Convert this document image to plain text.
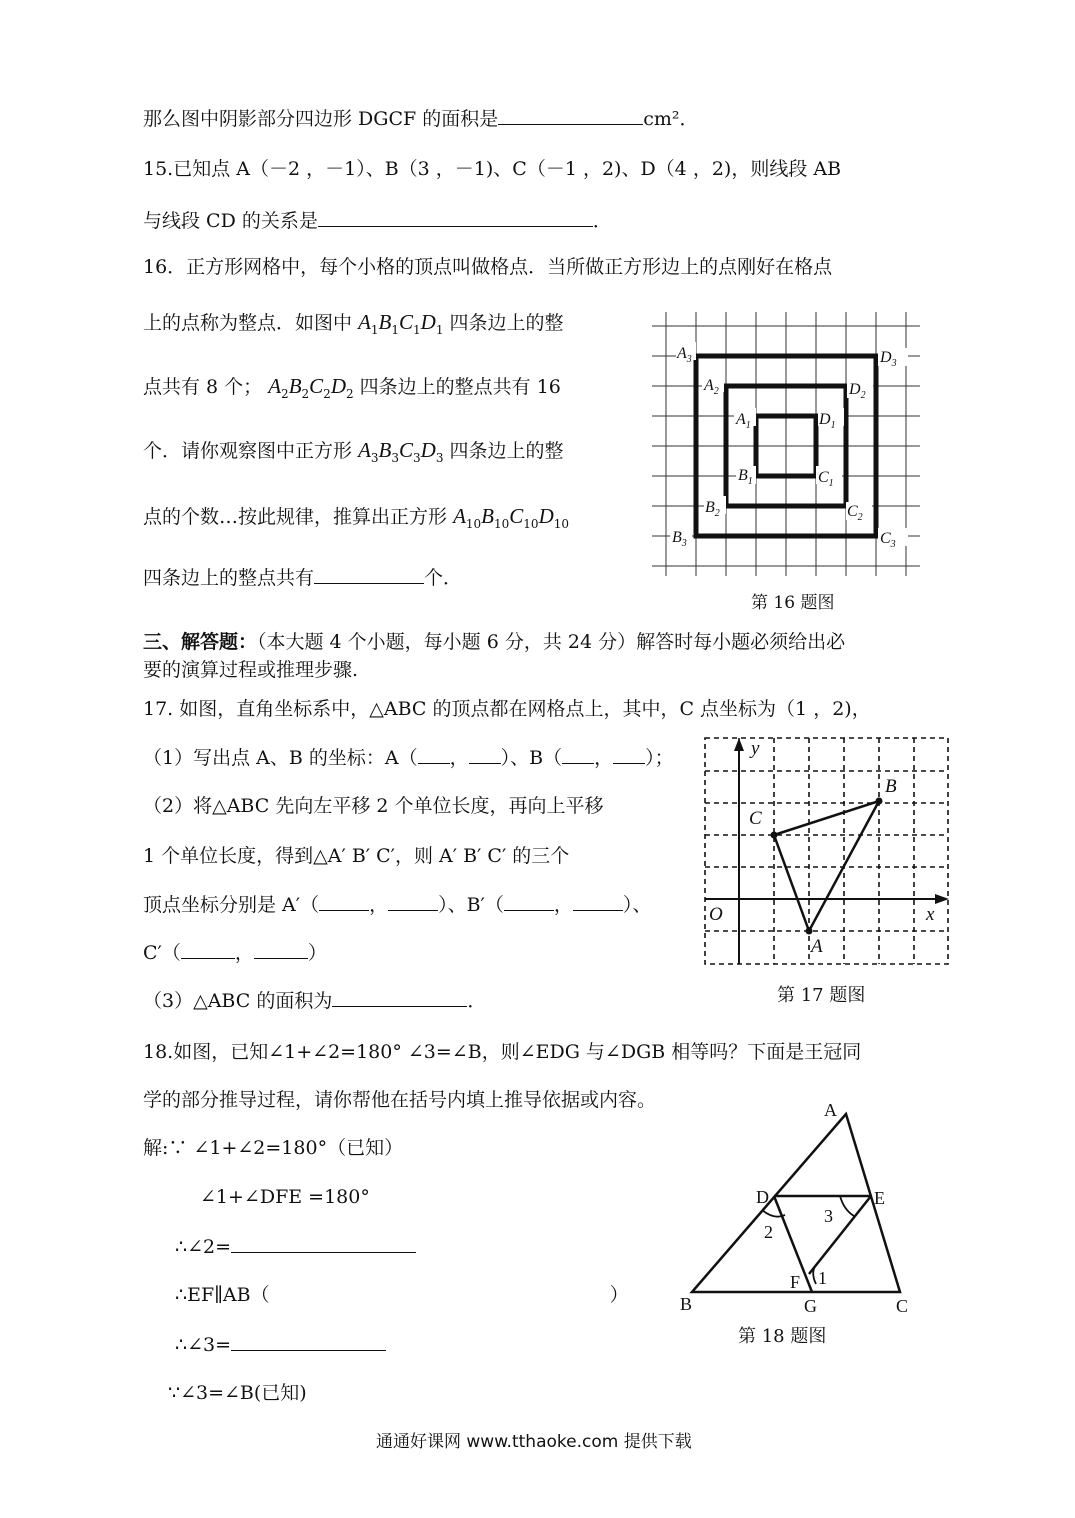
那么图中阴影部分四边形 DGCF 的面积是	cm²．
15.已知点 A（－2 ，－1）、B（3 ，－1)、C（－1 ，2)、D（4 ，2)，则线段 AB
与线段 CD 的关系是	．
16．正方形网格中，每个小格的顶点叫做格点．当所做正方形边上的点刚好在格点
上的点称为整点．如图中 $A_1B_1C_1D_1$ 四条边上的整
点共有 8 个； $A_2B_2C_2D_2$ 四条边上的整点共有 16
个．请你观察图中正方形 $A_3B_3C_3D_3$ 四条边上的整
点的个数…按此规律，推算出正方形 $A_{10}B_{10}C_{10}D_{10}$
四条边上的整点共有	个．
$A_3$	$D_3$
$A_2$	$D_2$
$A_1$	$D_1$
$B_1$	$C_1$
$B_2$	$C_2$
$B_3$	$C_3$
第 16 题图
三、解答题：（本大题 4 个小题，每小题 6 分，共 24 分）解答时每小题必须给出必
要的演算过程或推理步骤.
17. 如图，直角坐标系中，△ABC 的顶点都在网格点上，其中，C 点坐标为（1 ，2)，
（1）写出点 A、B 的坐标：A（ ， ）、B（ ， ）；
（2）将△ABC 先向左平移 2 个单位长度，再向上平移
1 个单位长度，得到△A′ B′ C′，则 A′ B′ C′ 的三个
顶点坐标分别是 A′（	，	）、B′（	，	）、
C′（	，	）
（3）△ABC 的面积为	．
y
x
O
C
B
A
第 17 题图
18.如图，已知∠1+∠2=180° ∠3=∠B，则∠EDG 与∠DGB 相等吗？下面是王冠同
学的部分推导过程，请你帮他在括号内填上推导依据或内容。
解:∵ ∠1+∠2=180°（已知）
∠1+∠DFE =180°
∴∠2=
∴EF∥AB（	）
∴∠3=
∵∠3=∠B(已知)
A
B	C
D	E
F
G
2
3
1
第 18 题图
通通好课网 www.tthaoke.com 提供下载
